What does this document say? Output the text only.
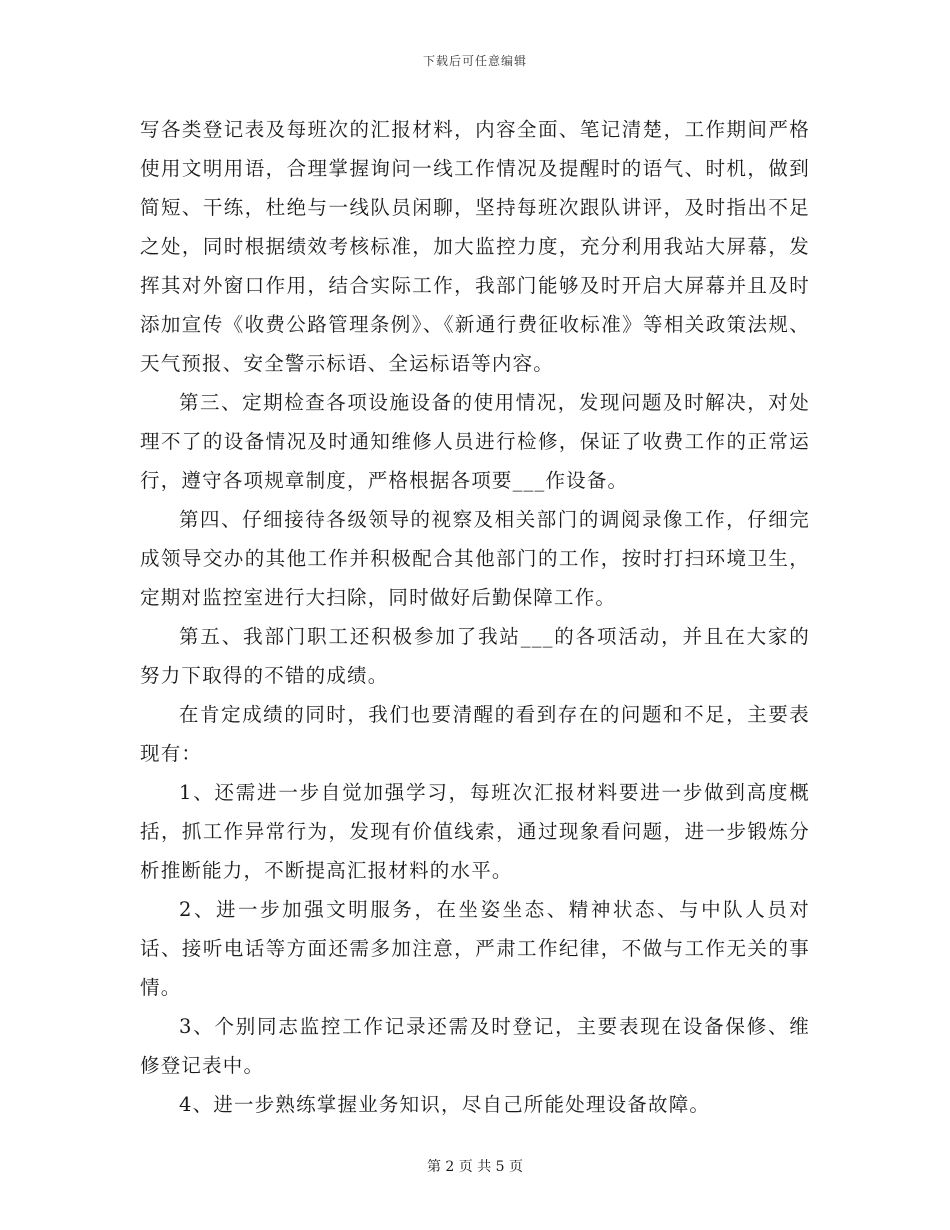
下载后可任意编辑

写各类登记表及每班次的汇报材料，内容全面、笔记清楚，工作期间严格使用文明用语，合理掌握询问一线工作情况及提醒时的语气、时机，做到简短、干练，杜绝与一线队员闲聊，坚持每班次跟队讲评，及时指出不足之处，同时根据绩效考核标准，加大监控力度，充分利用我站大屏幕，发挥其对外窗口作用，结合实际工作，我部门能够及时开启大屏幕并且及时添加宣传《收费公路管理条例》、《新通行费征收标准》等相关政策法规、天气预报、安全警示标语、全运标语等内容。

第三、定期检查各项设施设备的使用情况，发现问题及时解决，对处理不了的设备情况及时通知维修人员进行检修，保证了收费工作的正常运行，遵守各项规章制度，严格根据各项要___作设备。

第四、仔细接待各级领导的视察及相关部门的调阅录像工作，仔细完成领导交办的其他工作并积极配合其他部门的工作，按时打扫环境卫生，定期对监控室进行大扫除，同时做好后勤保障工作。

第五、我部门职工还积极参加了我站___的各项活动，并且在大家的努力下取得的不错的成绩。

在肯定成绩的同时，我们也要清醒的看到存在的问题和不足，主要表现有：

1、还需进一步自觉加强学习，每班次汇报材料要进一步做到高度概括，抓工作异常行为，发现有价值线索，通过现象看问题，进一步锻炼分析推断能力，不断提高汇报材料的水平。

2、进一步加强文明服务，在坐姿坐态、精神状态、与中队人员对话、接听电话等方面还需多加注意，严肃工作纪律，不做与工作无关的事情。

3、个别同志监控工作记录还需及时登记，主要表现在设备保修、维修登记表中。

4、进一步熟练掌握业务知识，尽自己所能处理设备故障。

第 2 页 共 5 页
